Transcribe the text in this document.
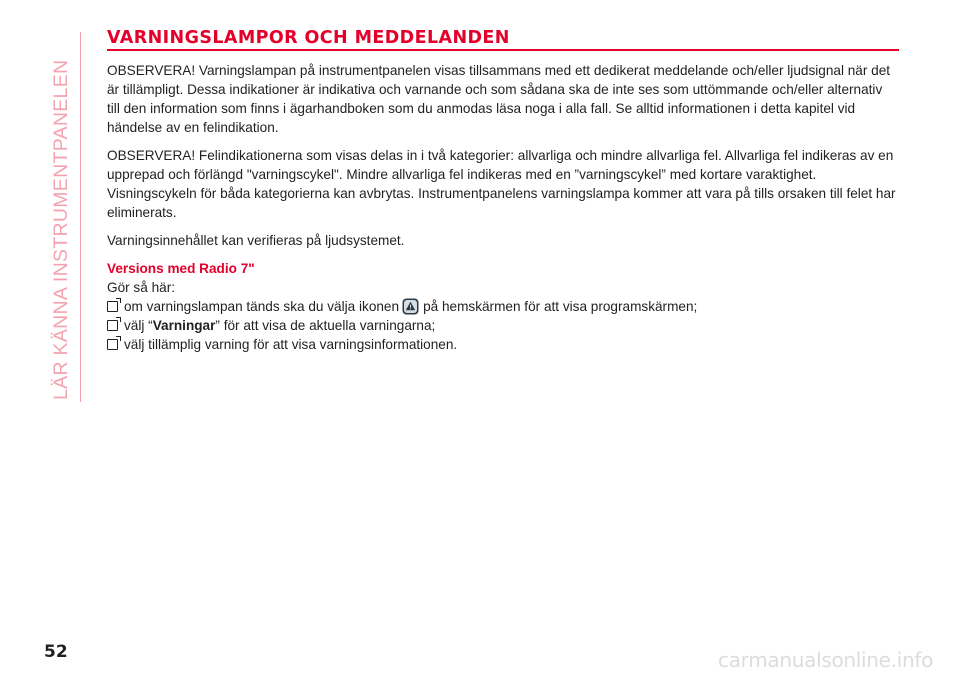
LÄR KÄNNA INSTRUMENTPANELEN
VARNINGSLAMPOR OCH MEDDELANDEN

OBSERVERA! Varningslampan på instrumentpanelen visas tillsammans med ett dedikerat meddelande och/eller ljudsignal när det är tillämpligt. Dessa indikationer är indikativa och varnande och som sådana ska de inte ses som uttömmande och/eller alternativ till den information som finns i ägarhandboken som du anmodas läsa noga i alla fall. Se alltid informationen i detta kapitel vid händelse av en felindikation.

OBSERVERA! Felindikationerna som visas delas in i två kategorier: allvarliga och mindre allvarliga fel. Allvarliga fel indikeras av en upprepad och förlängd "varningscykel". Mindre allvarliga fel indikeras med en ”varningscykel” med kortare varaktighet. Visningscykeln för båda kategorierna kan avbrytas. Instrumentpanelens varningslampa kommer att vara på tills orsaken till felet har eliminerats.

Varningsinnehållet kan verifieras på ljudsystemet.

Versions med Radio 7"
Gör så här:
om varningslampan tänds ska du välja ikonen på hemskärmen för att visa programskärmen;
välj “Varningar” för att visa de aktuella varningarna;
välj tillämplig varning för att visa varningsinformationen.
52	carmanualsonline.info
